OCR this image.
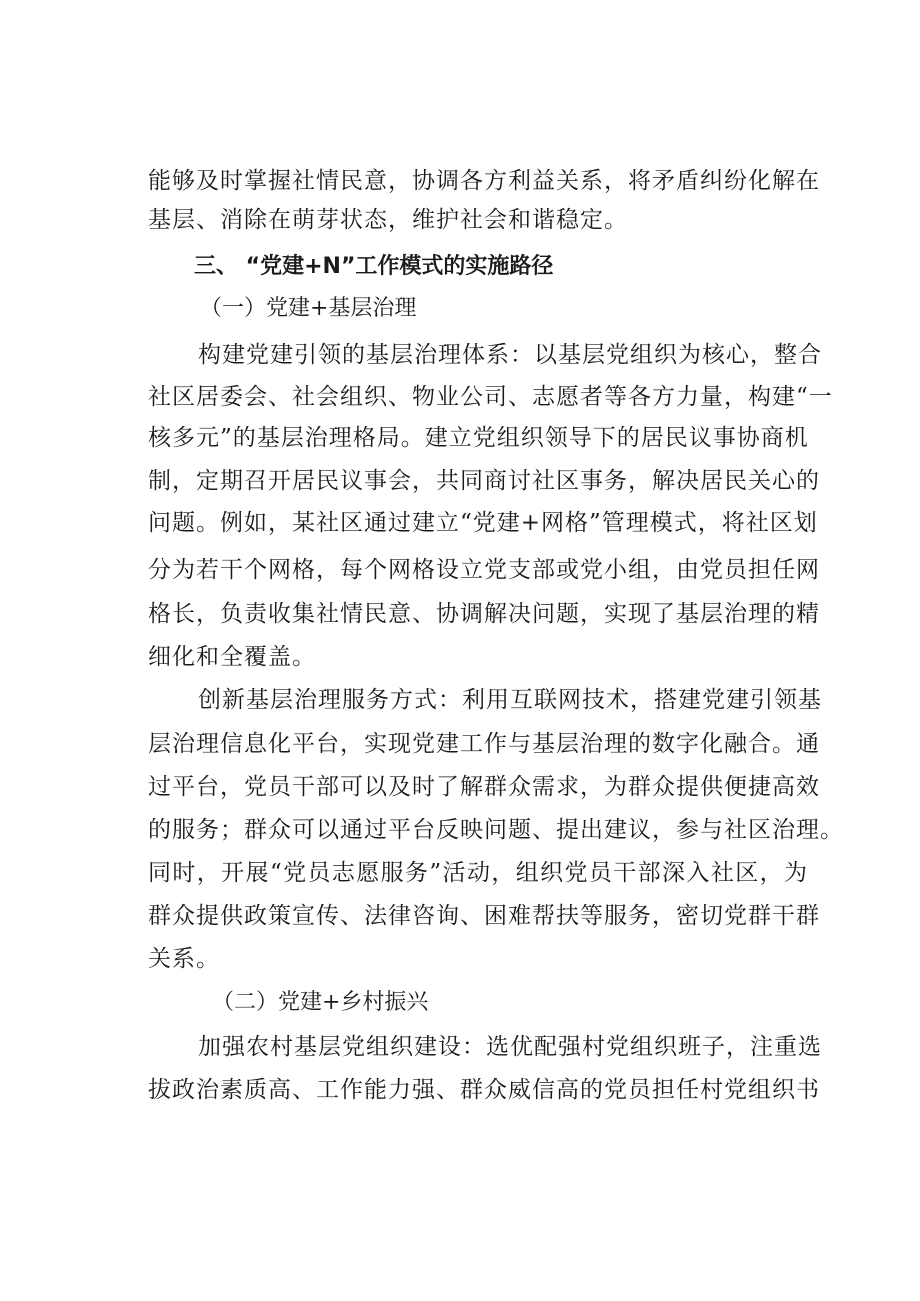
能够及时掌握社情民意，协调各方利益关系，将矛盾纠纷化解在
基层、消除在萌芽状态，维护社会和谐稳定。
三、 “党建+N”工作模式的实施路径
（一）党建+基层治理
构建党建引领的基层治理体系：以基层党组织为核心，整合
社区居委会、社会组织、物业公司、志愿者等各方力量，构建“一
核多元”的基层治理格局。建立党组织领导下的居民议事协商机
制，定期召开居民议事会，共同商讨社区事务，解决居民关心的
问题。例如，某社区通过建立“党建+网格”管理模式，将社区划
分为若干个网格，每个网格设立党支部或党小组，由党员担任网
格长，负责收集社情民意、协调解决问题，实现了基层治理的精
细化和全覆盖。
创新基层治理服务方式：利用互联网技术，搭建党建引领基
层治理信息化平台，实现党建工作与基层治理的数字化融合。通
过平台，党员干部可以及时了解群众需求，为群众提供便捷高效
的服务；群众可以通过平台反映问题、提出建议，参与社区治理。
同时，开展“党员志愿服务”活动，组织党员干部深入社区，为
群众提供政策宣传、法律咨询、困难帮扶等服务，密切党群干群
关系。
（二）党建+乡村振兴
加强农村基层党组织建设：选优配强村党组织班子，注重选
拔政治素质高、工作能力强、群众威信高的党员担任村党组织书
